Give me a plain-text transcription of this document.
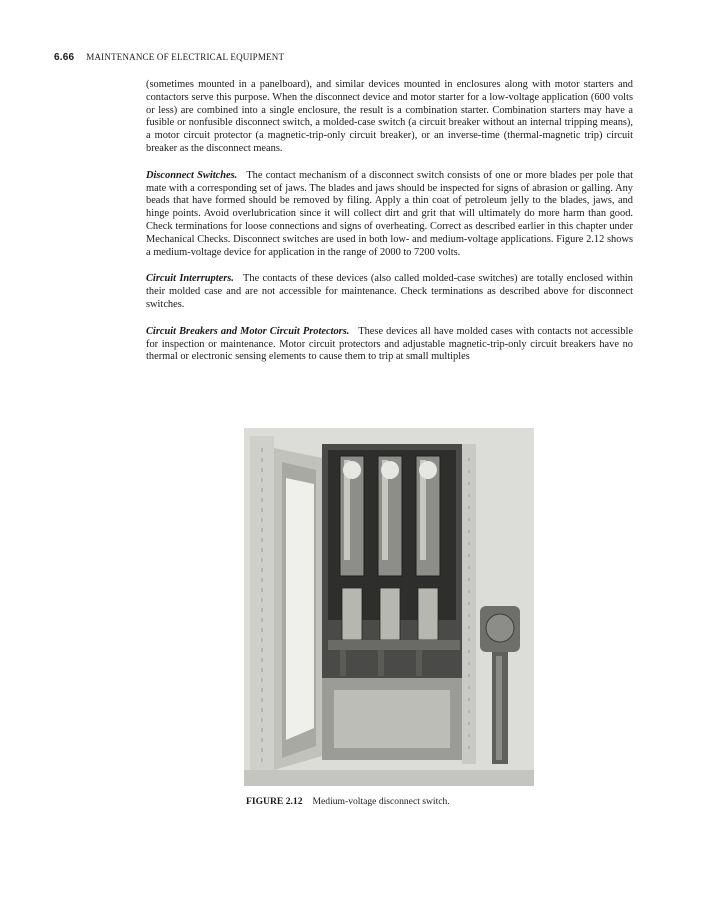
6.66 MAINTENANCE OF ELECTRICAL EQUIPMENT

(sometimes mounted in a panelboard), and similar devices mounted in enclosures along with motor starters and contactors serve this purpose. When the disconnect device and motor starter for a low-voltage application (600 volts or less) are combined into a single enclosure, the result is a combination starter. Combination starters may have a fusible or nonfusible disconnect switch, a molded-case switch (a circuit breaker without an internal tripping means), a motor circuit protector (a magnetic-trip-only circuit breaker), or an inverse-time (thermal-magnetic trip) circuit breaker as the disconnect means.

Disconnect Switches. The contact mechanism of a disconnect switch consists of one or more blades per pole that mate with a corresponding set of jaws. The blades and jaws should be inspected for signs of abrasion or galling. Any beads that have formed should be removed by filing. Apply a thin coat of petroleum jelly to the blades, jaws, and hinge points. Avoid overlubrication since it will collect dirt and grit that will ultimately do more harm than good. Check terminations for loose connections and signs of overheating. Correct as described earlier in this chapter under Mechanical Checks. Disconnect switches are used in both low- and medium-voltage applications. Figure 2.12 shows a medium-voltage device for application in the range of 2000 to 7200 volts.

Circuit Interrupters. The contacts of these devices (also called molded-case switches) are totally enclosed within their molded case and are not accessible for maintenance. Check terminations as described above for disconnect switches.

Circuit Breakers and Motor Circuit Protectors. These devices all have molded cases with contacts not accessible for inspection or maintenance. Motor circuit protectors and adjustable magnetic-trip-only circuit breakers have no thermal or electronic sensing elements to cause them to trip at small multiples

FIGURE 2.12 Medium-voltage disconnect switch.
